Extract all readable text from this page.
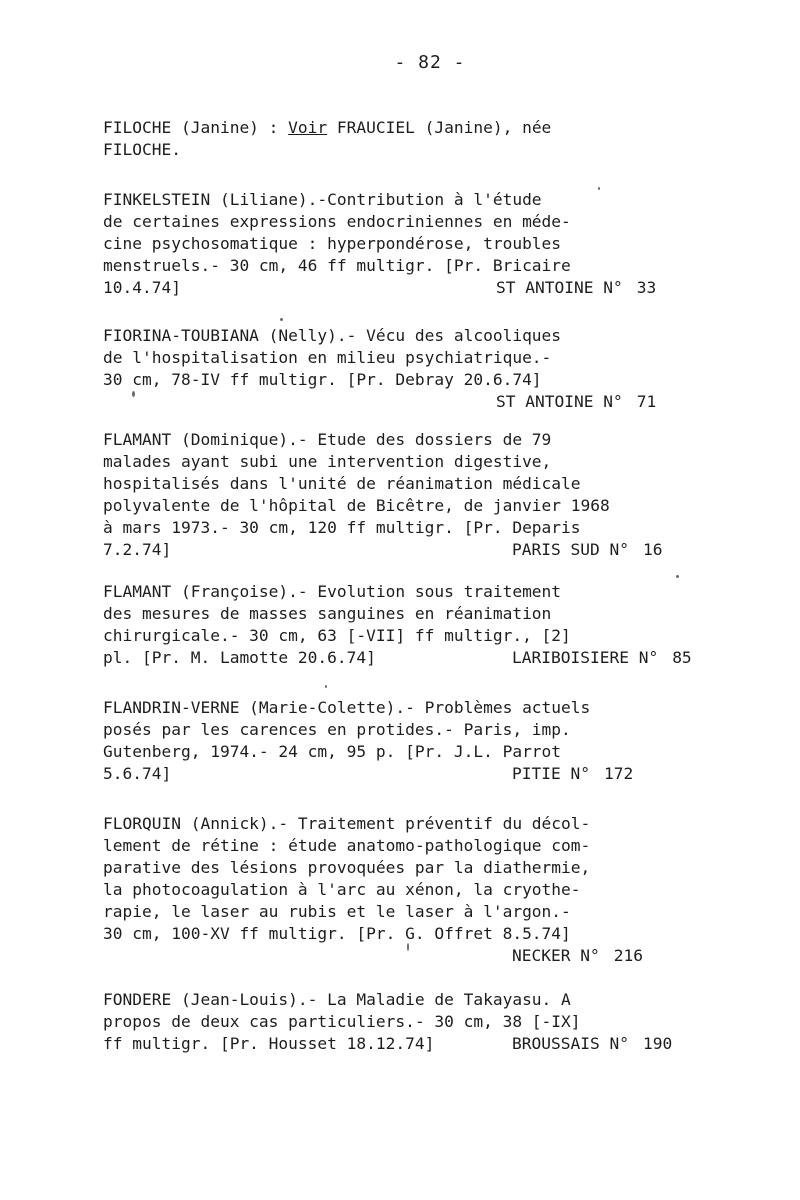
- 82 -
FILOCHE (Janine) : Voir FRAUCIEL (Janine), née
FILOCHE.
FINKELSTEIN (Liliane).-Contribution à l'étude
de certaines expressions endocriniennes en méde-
cine psychosomatique : hyperpondérose, troubles
menstruels.- 30 cm, 46 ff multigr. [Pr. Bricaire
10.4.74]	ST ANTOINE N° 33
FIORINA-TOUBIANA (Nelly).- Vécu des alcooliques
de l'hospitalisation en milieu psychiatrique.-
30 cm, 78-IV ff multigr. [Pr. Debray 20.6.74]
ST ANTOINE N° 71
FLAMANT (Dominique).- Etude des dossiers de 79
malades ayant subi une intervention digestive,
hospitalisés dans l'unité de réanimation médicale
polyvalente de l'hôpital de Bicêtre, de janvier 1968
à mars 1973.- 30 cm, 120 ff multigr. [Pr. Deparis
7.2.74]	PARIS SUD N° 16
FLAMANT (Françoise).- Evolution sous traitement
des mesures de masses sanguines en réanimation
chirurgicale.- 30 cm, 63 [-VII] ff multigr., [2]
pl. [Pr. M. Lamotte 20.6.74]	LARIBOISIERE N° 85
FLANDRIN-VERNE (Marie-Colette).- Problèmes actuels
posés par les carences en protides.- Paris, imp.
Gutenberg, 1974.- 24 cm, 95 p. [Pr. J.L. Parrot
5.6.74]	PITIE N° 172
FLORQUIN (Annick).- Traitement préventif du décol-
lement de rétine : étude anatomo-pathologique com-
parative des lésions provoquées par la diathermie,
la photocoagulation à l'arc au xénon, la cryothe-
rapie, le laser au rubis et le laser à l'argon.-
30 cm, 100-XV ff multigr. [Pr. G. Offret 8.5.74]
NECKER N° 216
FONDERE (Jean-Louis).- La Maladie de Takayasu. A
propos de deux cas particuliers.- 30 cm, 38 [-IX]
ff multigr. [Pr. Housset 18.12.74]	BROUSSAIS N° 190
